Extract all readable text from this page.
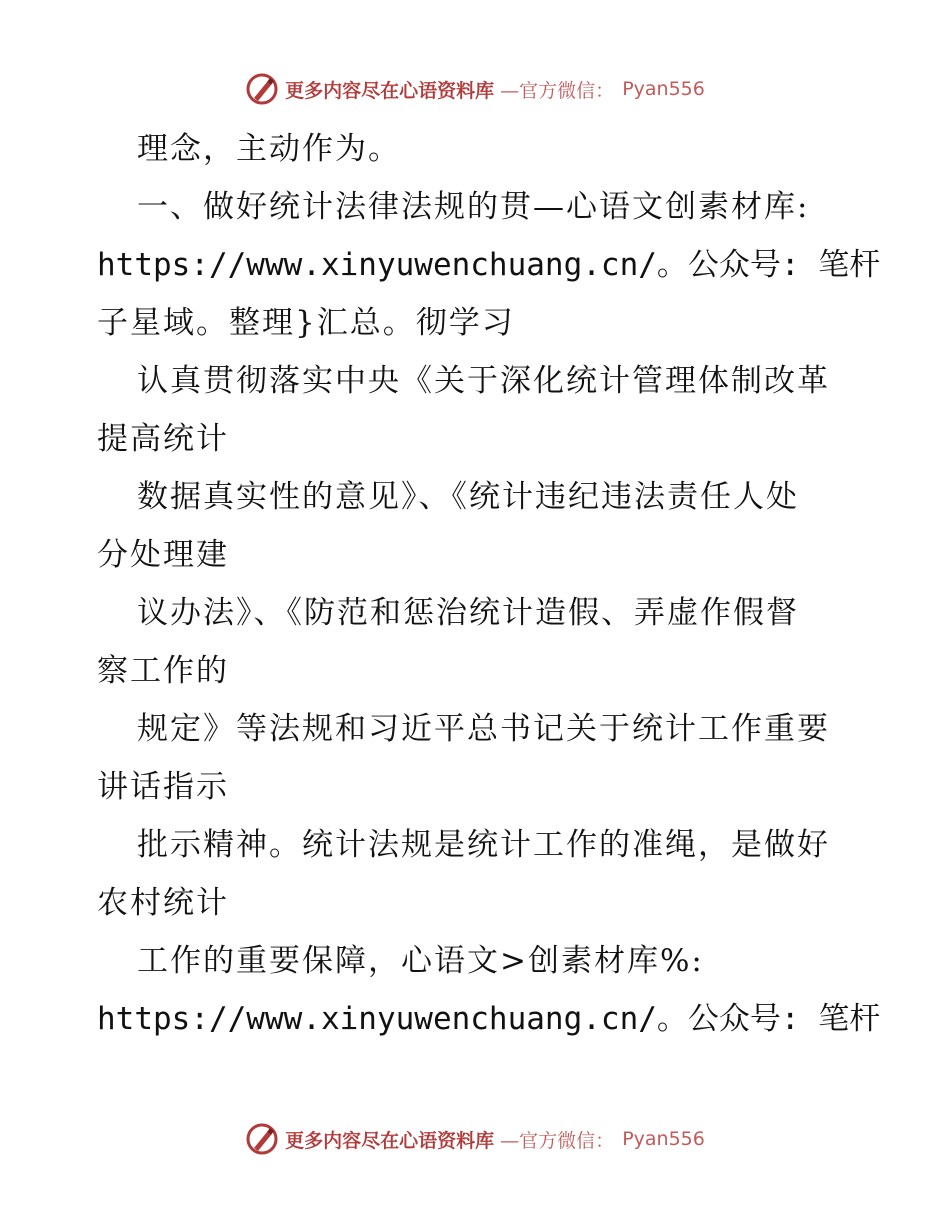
更多内容尽在心语资料库 —官方微信： Pyan556
理念，主动作为。
一、做好统计法律法规的贯—心语文创素材库:
https://www.xinyuwenchuang.cn/。公众号: 笔杆
子星域。整理}汇总。彻学习
认真贯彻落实中央《关于深化统计管理体制改革
提高统计
数据真实性的意见》、《统计违纪违法责任人处
分处理建
议办法》、《防范和惩治统计造假、弄虚作假督
察工作的
规定》等法规和习近平总书记关于统计工作重要
讲话指示
批示精神。统计法规是统计工作的准绳，是做好
农村统计
工作的重要保障，心语文>创素材库%:
https://www.xinyuwenchuang.cn/。公众号: 笔杆
更多内容尽在心语资料库 —官方微信： Pyan556
